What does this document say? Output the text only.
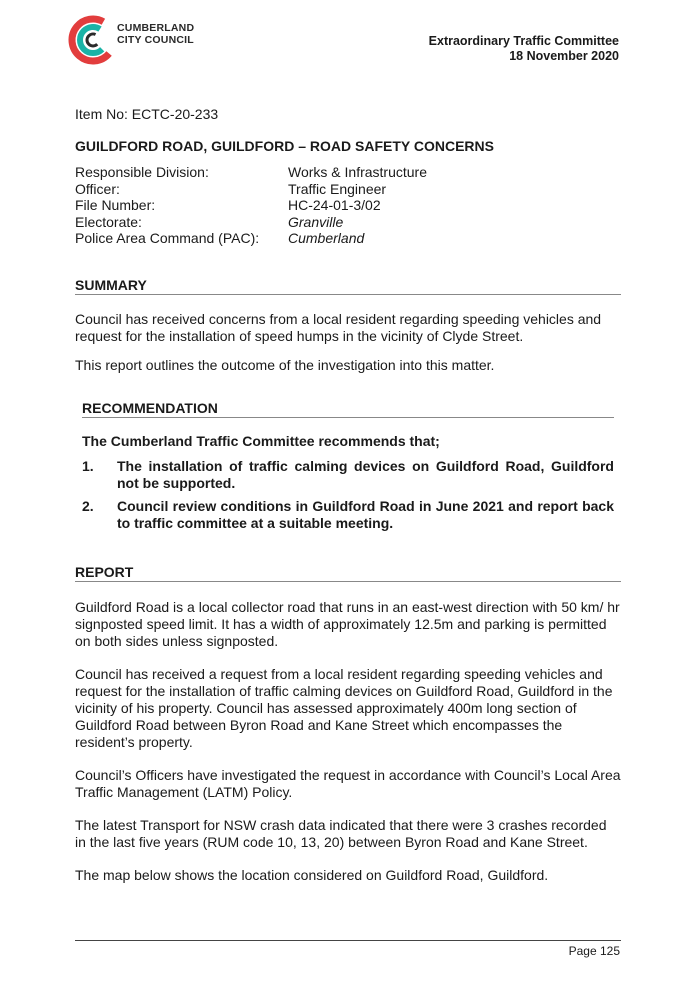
CUMBERLAND
CITY COUNCIL	Extraordinary Traffic Committee
18 November 2020
Item No: ECTC-20-233
GUILDFORD ROAD, GUILDFORD – ROAD SAFETY CONCERNS
Responsible Division:	Works & Infrastructure
Officer:	Traffic Engineer
File Number:	HC-24-01-3/02
Electorate:	Granville
Police Area Command (PAC):	Cumberland
SUMMARY

Council has received concerns from a local resident regarding speeding vehicles and request for the installation of speed humps in the vicinity of Clyde Street.

This report outlines the outcome of the investigation into this matter.

RECOMMENDATION

The Cumberland Traffic Committee recommends that;

1.	The installation of traffic calming devices on Guildford Road, Guildford not be supported.
2.	Council review conditions in Guildford Road in June 2021 and report back to traffic committee at a suitable meeting.
REPORT

Guildford Road is a local collector road that runs in an east-west direction with 50 km/ hr signposted speed limit. It has a width of approximately 12.5m and parking is permitted on both sides unless signposted.

Council has received a request from a local resident regarding speeding vehicles and request for the installation of traffic calming devices on Guildford Road, Guildford in the vicinity of his property. Council has assessed approximately 400m long section of Guildford Road between Byron Road and Kane Street which encompasses the resident’s property.

Council’s Officers have investigated the request in accordance with Council’s Local Area Traffic Management (LATM) Policy.

The latest Transport for NSW crash data indicated that there were 3 crashes recorded in the last five years (RUM code 10, 13, 20) between Byron Road and Kane Street.

The map below shows the location considered on Guildford Road, Guildford.

Page 125
